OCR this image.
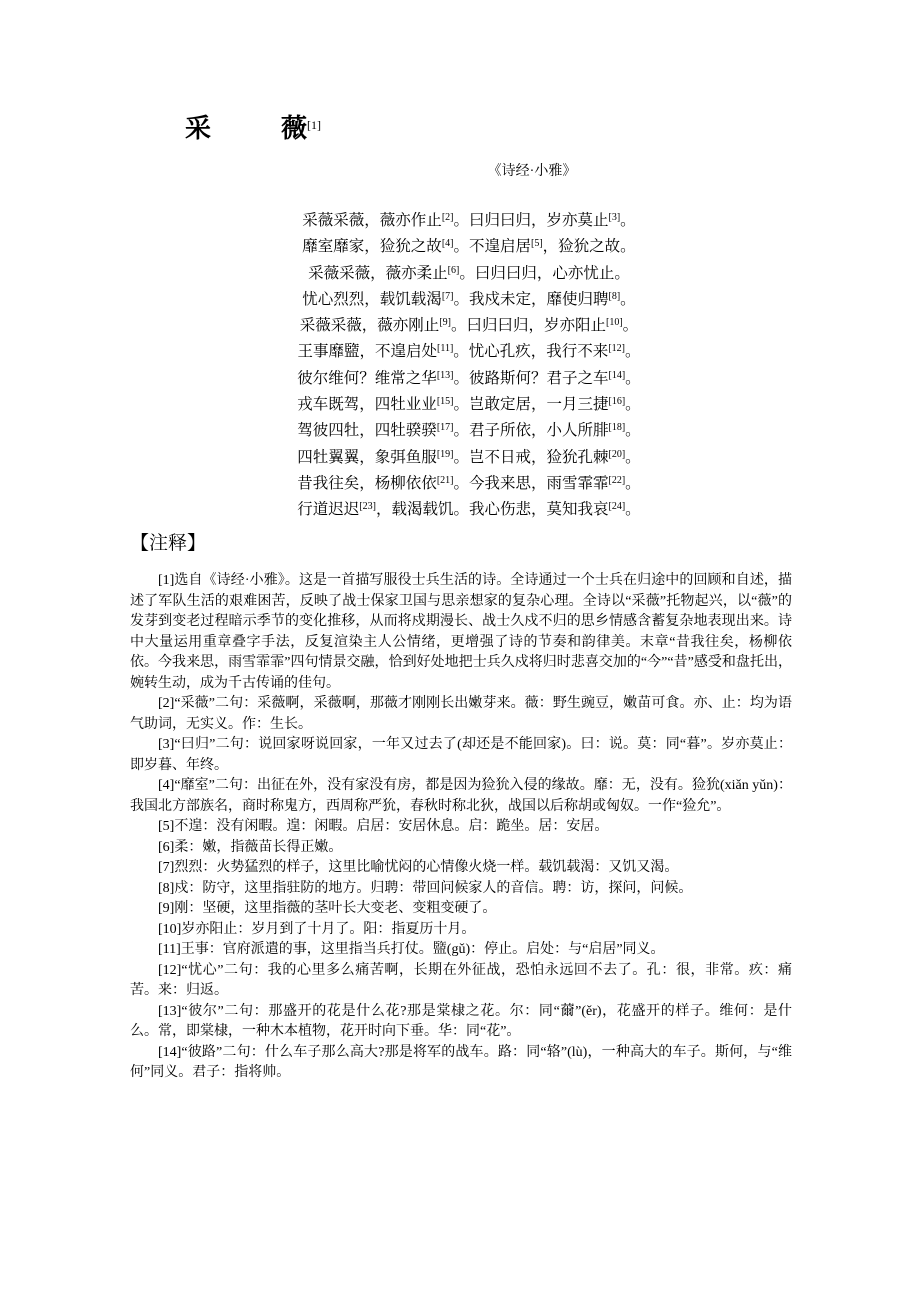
采	薇[1]
《诗经·小雅》
采薇采薇，薇亦作止[2]。曰归曰归，岁亦莫止[3]。
靡室靡家，猃狁之故[4]。不遑启居[5]，猃狁之故。
采薇采薇，薇亦柔止[6]。曰归曰归，心亦忧止。
忧心烈烈，载饥载渴[7]。我戍未定，靡使归聘[8]。
采薇采薇，薇亦刚止[9]。曰归曰归，岁亦阳止[10]。
王事靡盬，不遑启处[11]。忧心孔疚，我行不来[12]。
彼尔维何？维常之华[13]。彼路斯何？君子之车[14]。
戎车既驾，四牡业业[15]。岂敢定居，一月三捷[16]。
驾彼四牡，四牡骙骙[17]。君子所依，小人所腓[18]。
四牡翼翼，象弭鱼服[19]。岂不日戒，猃狁孔棘[20]。
昔我往矣，杨柳依依[21]。今我来思，雨雪霏霏[22]。
行道迟迟[23]，载渴载饥。我心伤悲，莫知我哀[24]。
【注释】

[1]选自《诗经·小雅》。这是一首描写服役士兵生活的诗。全诗通过一个士兵在归途中的回顾和自述，描述了军队生活的艰难困苦，反映了战士保家卫国与思亲想家的复杂心理。全诗以“采薇”托物起兴，以“薇”的发芽到变老过程暗示季节的变化推移，从而将戍期漫长、战士久戍不归的思乡情感含蓄复杂地表现出来。诗中大量运用重章叠字手法，反复渲染主人公情绪，更增强了诗的节奏和韵律美。末章“昔我往矣，杨柳依依。今我来思，雨雪霏霏”四句情景交融，恰到好处地把士兵久戍将归时悲喜交加的“今”“昔”感受和盘托出，婉转生动，成为千古传诵的佳句。

[2]“采薇”二句：采薇啊，采薇啊，那薇才刚刚长出嫩芽来。薇：野生豌豆，嫩苗可食。亦、止：均为语气助词，无实义。作：生长。

[3]“曰归”二句：说回家呀说回家，一年又过去了(却还是不能回家)。曰：说。莫：同“暮”。岁亦莫止：即岁暮、年终。

[4]“靡室”二句：出征在外，没有家没有房，都是因为猃狁入侵的缘故。靡：无，没有。猃狁(xiǎn yǔn)：我国北方部族名，商时称鬼方，西周称严狁，春秋时称北狄，战国以后称胡或匈奴。一作“猃允”。

[5]不遑：没有闲暇。遑：闲暇。启居：安居休息。启：跪坐。居：安居。

[6]柔：嫩，指薇苗长得正嫩。

[7]烈烈：火势猛烈的样子，这里比喻忧闷的心情像火烧一样。载饥载渴：又饥又渴。

[8]戍：防守，这里指驻防的地方。归聘：带回问候家人的音信。聘：访，探问，问候。

[9]刚：坚硬，这里指薇的茎叶长大变老、变粗变硬了。

[10]岁亦阳止：岁月到了十月了。阳：指夏历十月。

[11]王事：官府派遣的事，这里指当兵打仗。盬(gǔ)：停止。启处：与“启居”同义。

[12]“忧心”二句：我的心里多么痛苦啊，长期在外征战，恐怕永远回不去了。孔：很，非常。疚：痛苦。来：归返。

[13]“彼尔”二句：那盛开的花是什么花?那是棠棣之花。尔：同“薾”(ěr)，花盛开的样子。维何：是什么。常，即棠棣，一种木本植物，花开时向下垂。华：同“花”。

[14]“彼路”二句：什么车子那么高大?那是将军的战车。路：同“辂”(lù)，一种高大的车子。斯何，与“维何”同义。君子：指将帅。
